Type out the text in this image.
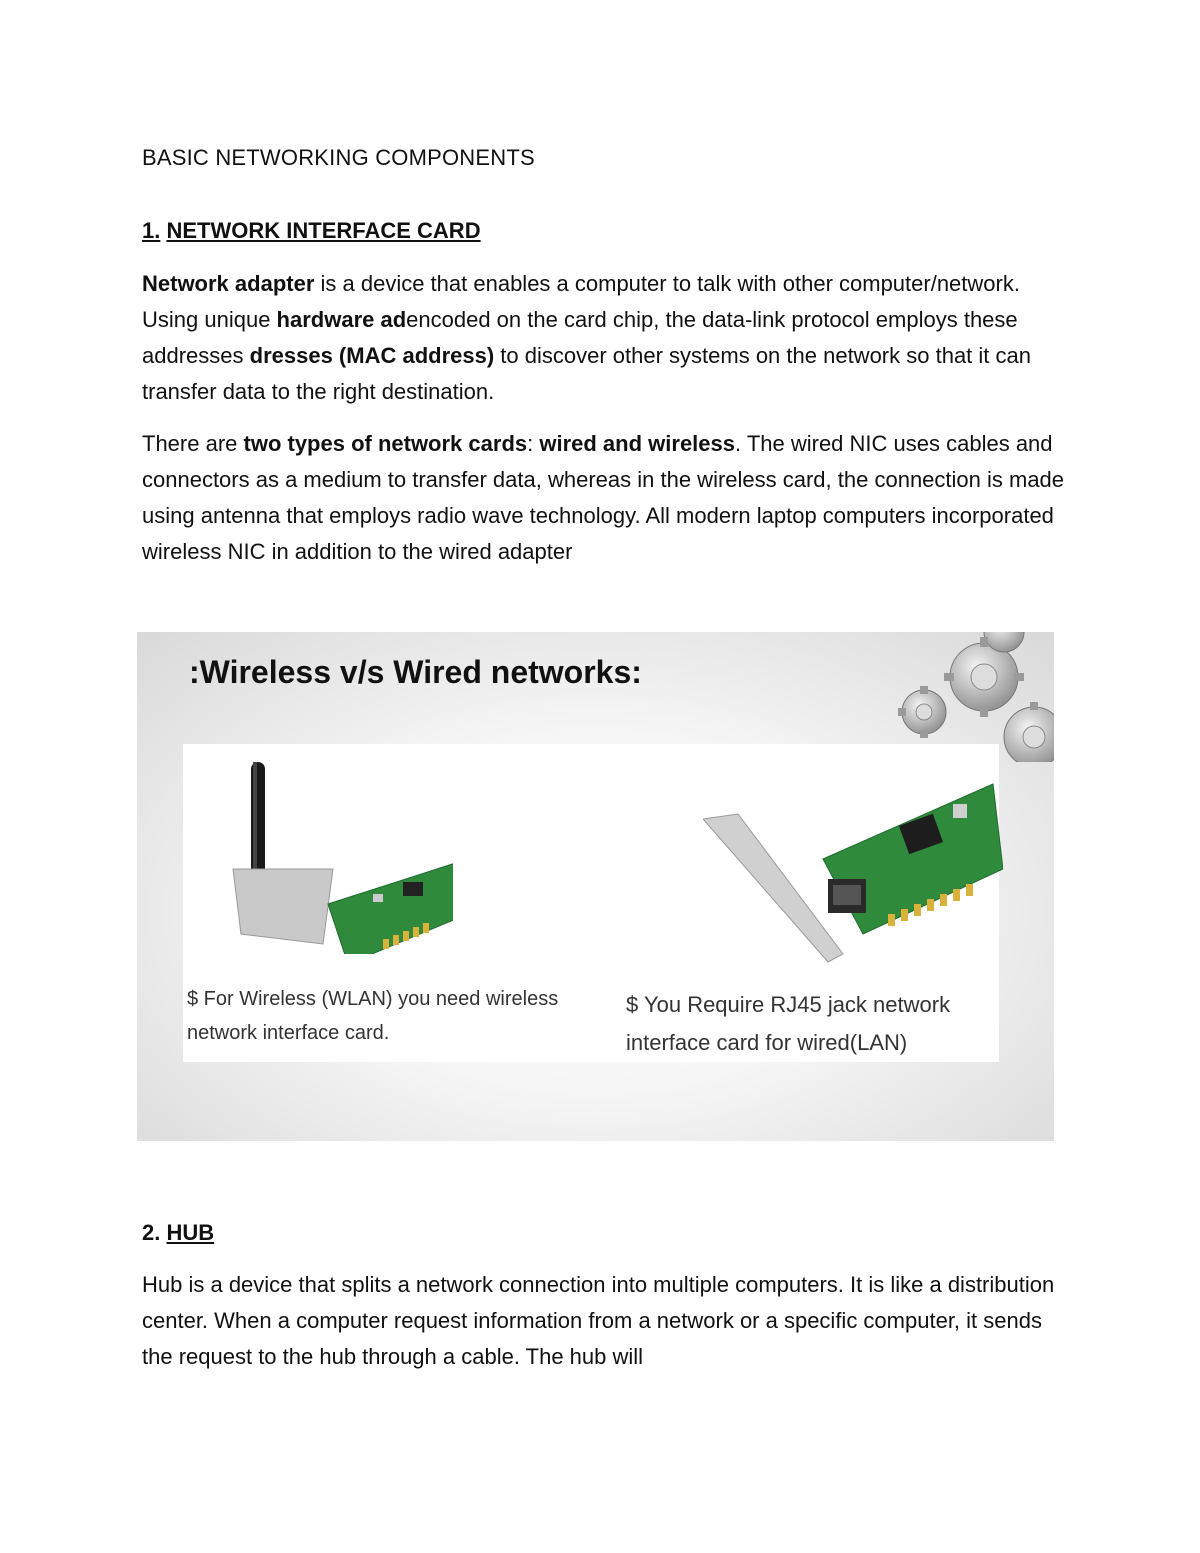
BASIC NETWORKING COMPONENTS
1. NETWORK INTERFACE CARD
Network adapter is a device that enables a computer to talk with other computer/network. Using unique hardware adencoded on the card chip, the data-link protocol employs these addresses dresses (MAC address) to discover other systems on the network so that it can transfer data to the right destination.
There are two types of network cards: wired and wireless. The wired NIC uses cables and connectors as a medium to transfer data, whereas in the wireless card, the connection is made using antenna that employs radio wave technology. All modern laptop computers incorporated wireless NIC in addition to the wired adapter
:Wireless v/s Wired networks:
$ For Wireless (WLAN) you need wireless network interface card.
$ You Require RJ45 jack network interface card for wired(LAN)
2. HUB
Hub is a device that splits a network connection into multiple computers. It is like a distribution center. When a computer request information from a network or a specific computer, it sends the request to the hub through a cable. The hub will
